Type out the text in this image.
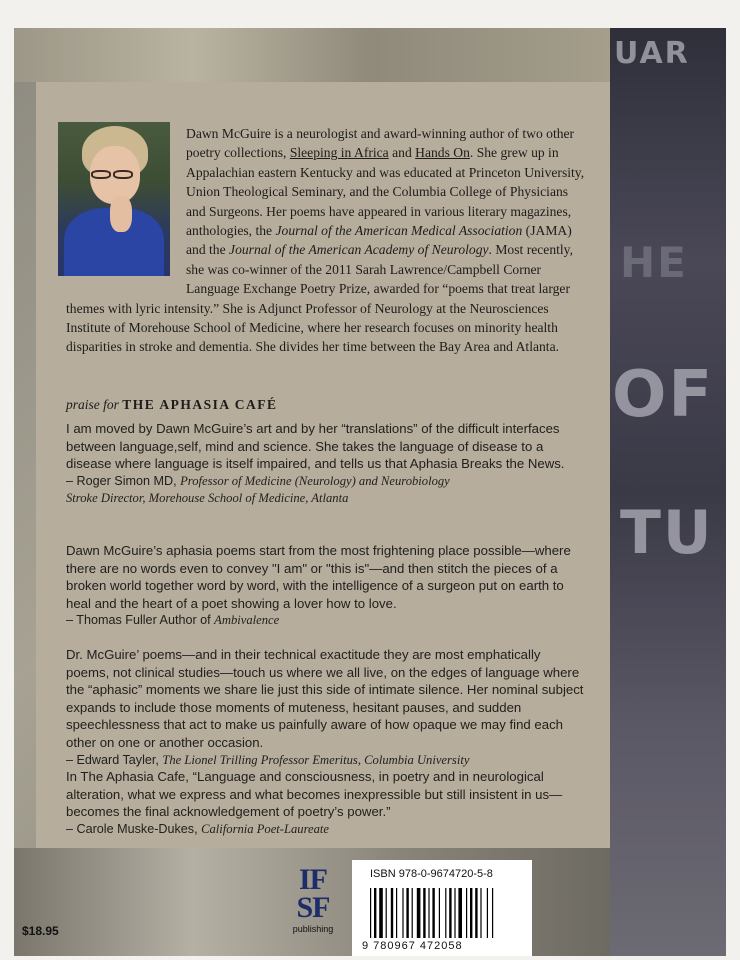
UAR
HE
OF
TU
Dawn McGuire is a neurologist and award-winning author of two other poetry collections, Sleeping in Africa and Hands On. She grew up in Appalachian eastern Kentucky and was educated at Princeton University, Union Theological Seminary, and the Columbia College of Physicians and Surgeons. Her poems have appeared in various literary magazines, anthologies, the Journal of the American Medical Association (JAMA) and the Journal of the American Academy of Neurology. Most recently, she was co-winner of the 2011 Sarah Lawrence/Campbell Corner Language Exchange Poetry Prize, awarded for “poems that treat larger themes with lyric intensity.” She is Adjunct Professor of Neurology at the Neurosciences Institute of Morehouse School of Medicine, where her research focuses on minority health disparities in stroke and dementia. She divides her time between the Bay Area and Atlanta.
praise for THE APHASIA CAFÉ
I am moved by Dawn McGuire’s art and by her “translations” of the difficult interfaces between language,self, mind and science. She takes the language of disease to a disease where language is itself impaired, and tells us that Aphasia Breaks the News.
– Roger Simon MD, Professor of Medicine (Neurology) and Neurobiology
Stroke Director, Morehouse School of Medicine, Atlanta
Dawn McGuire’s aphasia poems start from the most frightening place possible—where there are no words even to convey "I am" or "this is"—and then stitch the pieces of a broken world together word by word, with the intelligence of a surgeon put on earth to heal and the heart of a poet showing a lover how to love.
– Thomas Fuller Author of Ambivalence
Dr. McGuire’ poems—and in their technical exactitude they are most emphatically poems, not clinical studies—touch us where we all live, on the edges of language where the “aphasic” moments we share lie just this side of intimate silence. Her nominal subject expands to include those moments of muteness, hesitant pauses, and sudden speechlessness that act to make us painfully aware of how opaque we may find each other on one or another occasion.
– Edward Tayler, The Lionel Trilling Professor Emeritus, Columbia University
In The Aphasia Cafe, “Language and consciousness, in poetry and in neurological alteration, what we express and what becomes inexpressible but still insistent in us—becomes the final acknowledgement of poetry’s power.”
– Carole Muske-Dukes, California Poet-Laureate
$18.95
IF
SF
publishing
ISBN 978-0-9674720-5-8
9 780967 472058
